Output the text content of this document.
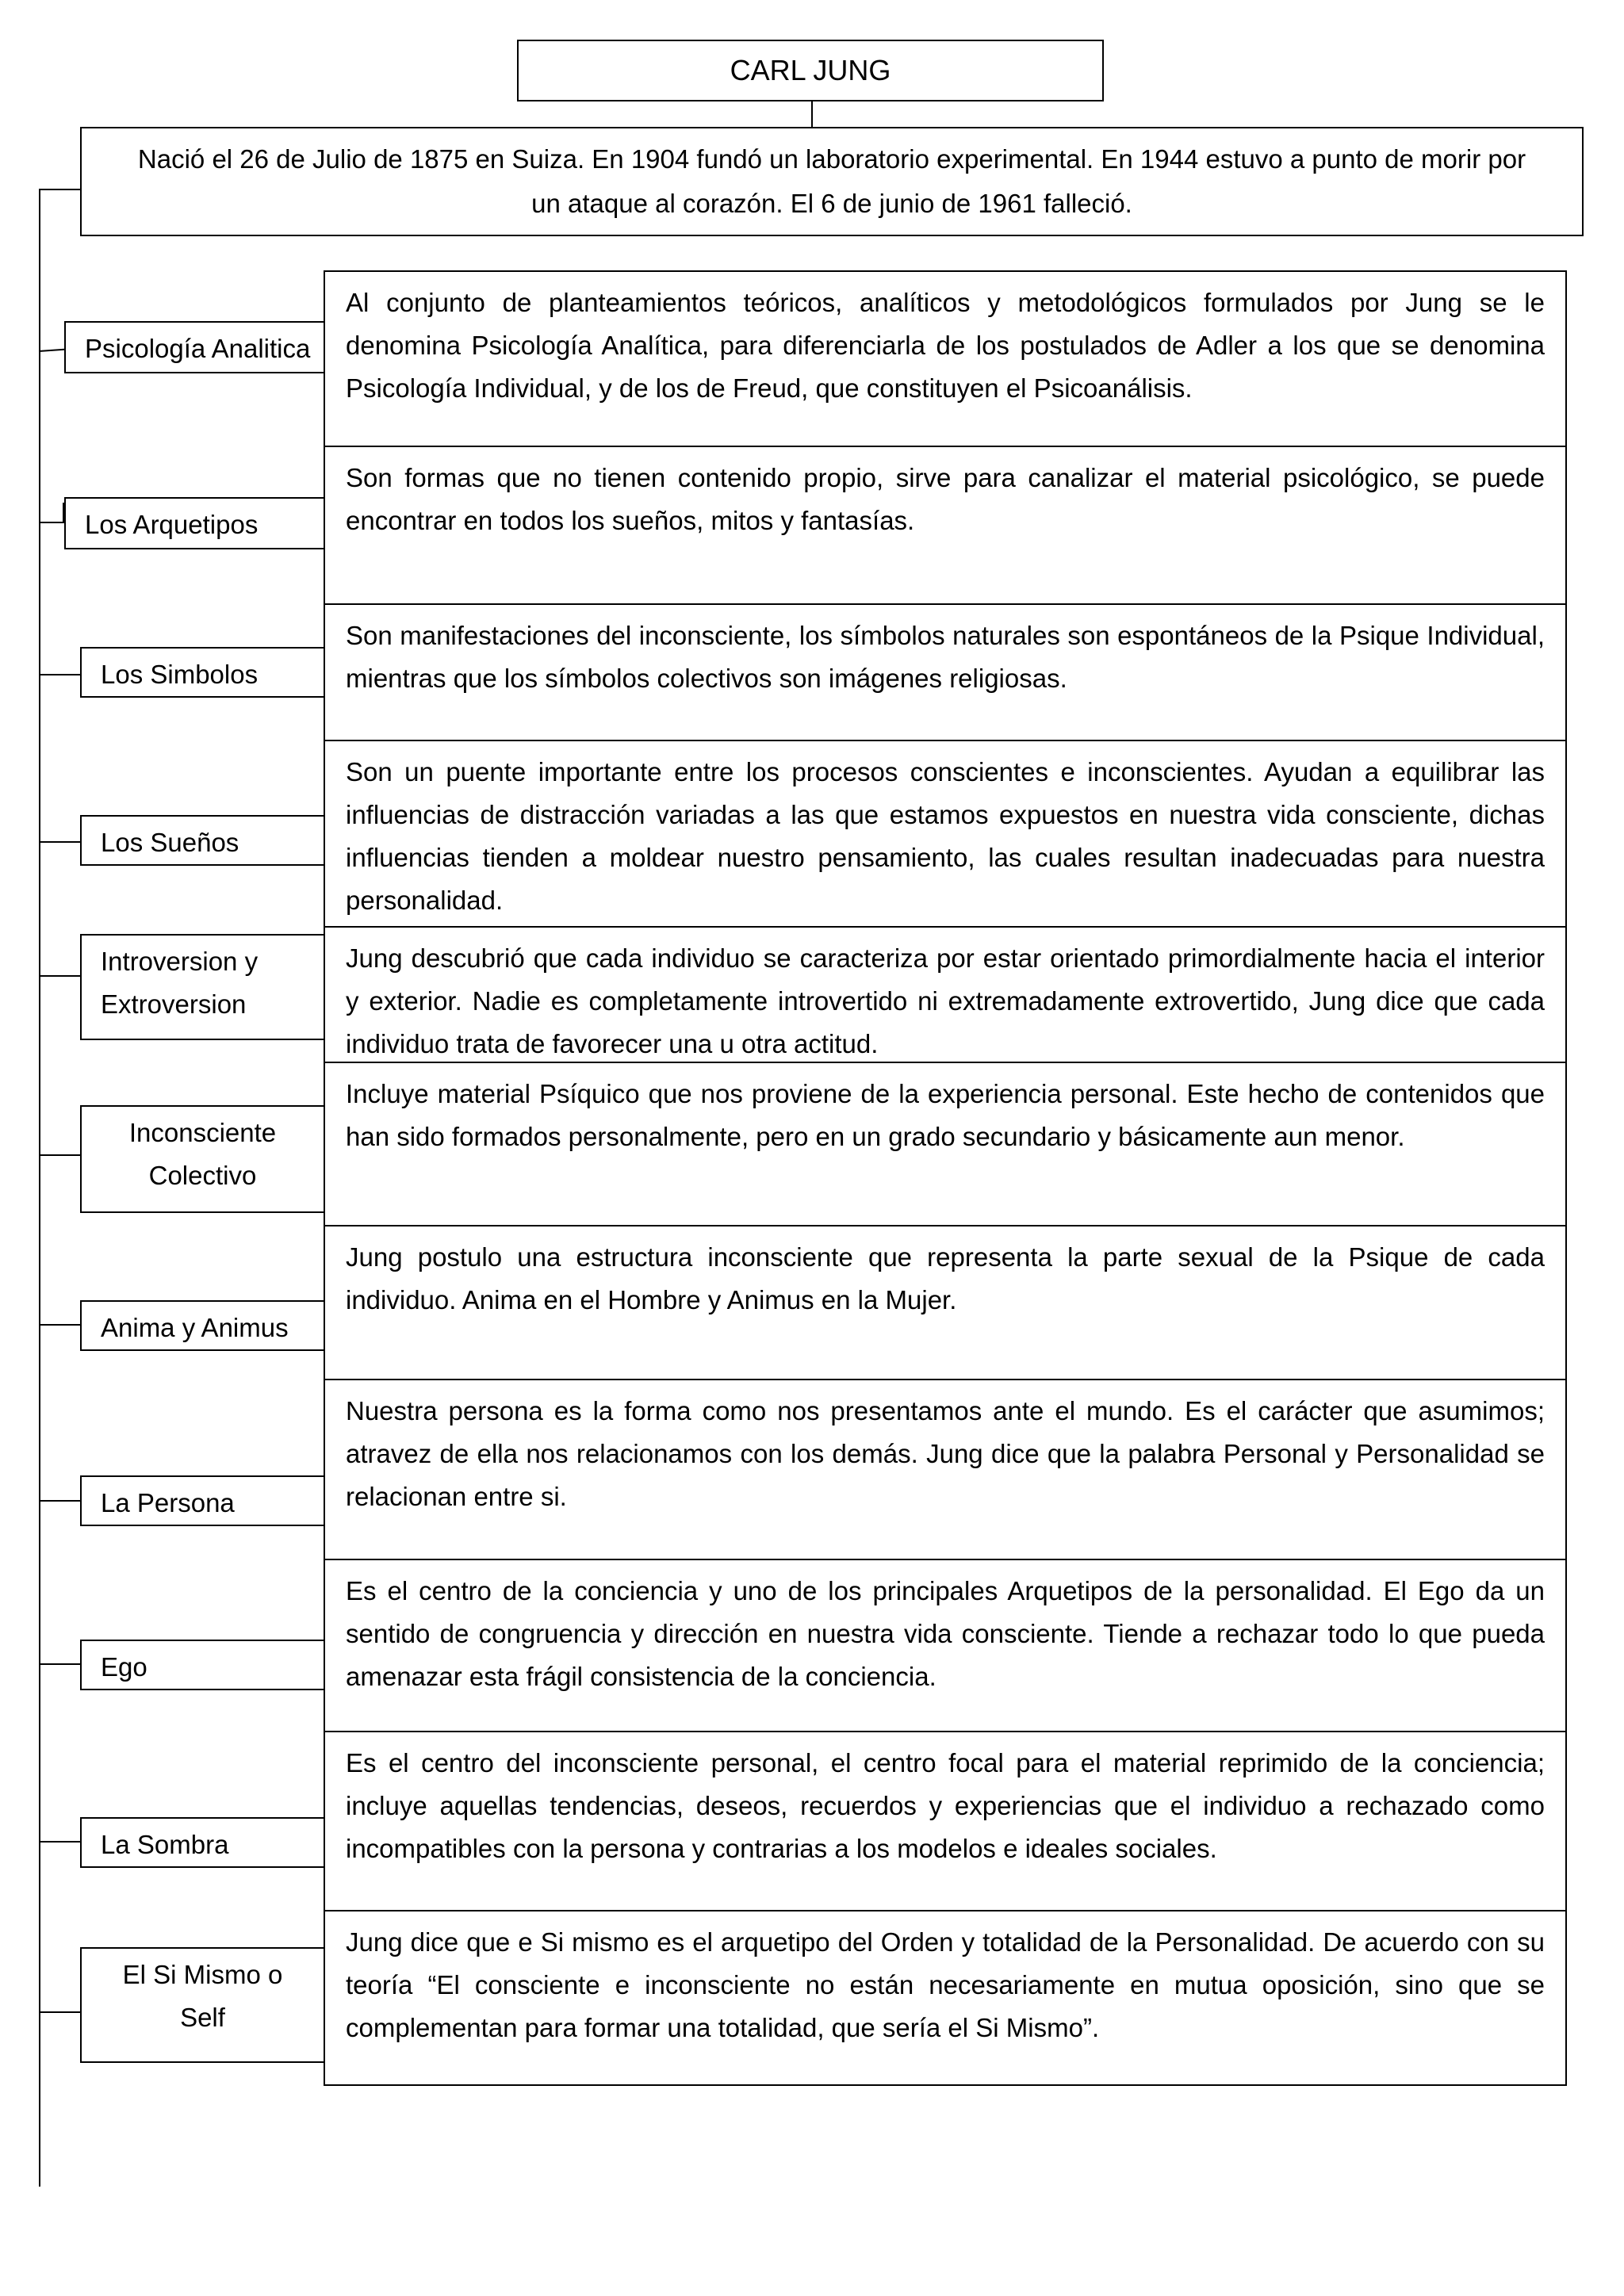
CARL JUNG
Nació el 26 de Julio de 1875 en Suiza. En 1904 fundó un laboratorio experimental. En 1944 estuvo a punto de morir por un ataque al corazón. El 6 de junio de 1961 falleció.
Al conjunto de planteamientos teóricos, analíticos y metodológicos formulados por Jung se le denomina Psicología Analítica, para diferenciarla de los postulados de Adler a los que se denomina Psicología Individual, y de los de Freud, que constituyen el Psicoanálisis.
Son formas que no tienen contenido propio, sirve para canalizar el material psicológico, se puede encontrar en todos los sueños, mitos y fantasías.
Son manifestaciones del inconsciente, los símbolos naturales son espontáneos de la Psique Individual, mientras que los símbolos colectivos son imágenes religiosas.
Son un puente importante entre los procesos conscientes e inconscientes. Ayudan a equilibrar las influencias de distracción variadas a las que estamos expuestos en nuestra vida consciente, dichas influencias tienden a moldear nuestro pensamiento, las cuales resultan inadecuadas para nuestra personalidad.
Jung descubrió que cada individuo se caracteriza por estar orientado primordialmente hacia el interior y exterior. Nadie es completamente introvertido ni extremadamente extrovertido, Jung dice que cada individuo trata de favorecer una u otra actitud.
Incluye material Psíquico que nos proviene de la experiencia personal. Este hecho de contenidos que han sido formados personalmente, pero en un grado secundario y básicamente aun menor.
Jung postulo una estructura inconsciente que representa la parte sexual de la Psique de cada individuo. Anima en el Hombre y Animus en la Mujer.
Nuestra persona es la forma como nos presentamos ante el mundo. Es el carácter que asumimos; atravez de ella nos relacionamos con los demás. Jung dice que la palabra Personal y Personalidad se relacionan entre si.
Es el centro de la conciencia y uno de los principales Arquetipos de la personalidad. El Ego da un sentido de congruencia y dirección en nuestra vida consciente. Tiende a rechazar todo lo que pueda amenazar esta frágil consistencia de la conciencia.
Es el centro del inconsciente personal, el centro focal para el material reprimido de la conciencia; incluye aquellas tendencias, deseos, recuerdos y experiencias que el individuo a rechazado como incompatibles con la persona y contrarias a los modelos e ideales sociales.
Jung dice que e Si mismo es el arquetipo del Orden y totalidad de la Personalidad. De acuerdo con su teoría “El consciente e inconsciente no están necesariamente en mutua oposición, sino que se complementan para formar una totalidad, que sería el Si Mismo”.
Psicología Analitica
Los Arquetipos
Los Simbolos
Los Sueños
Introversion y Extroversion
Inconsciente Colectivo
Anima y Animus
La Persona
Ego
La Sombra
El Si Mismo o Self
